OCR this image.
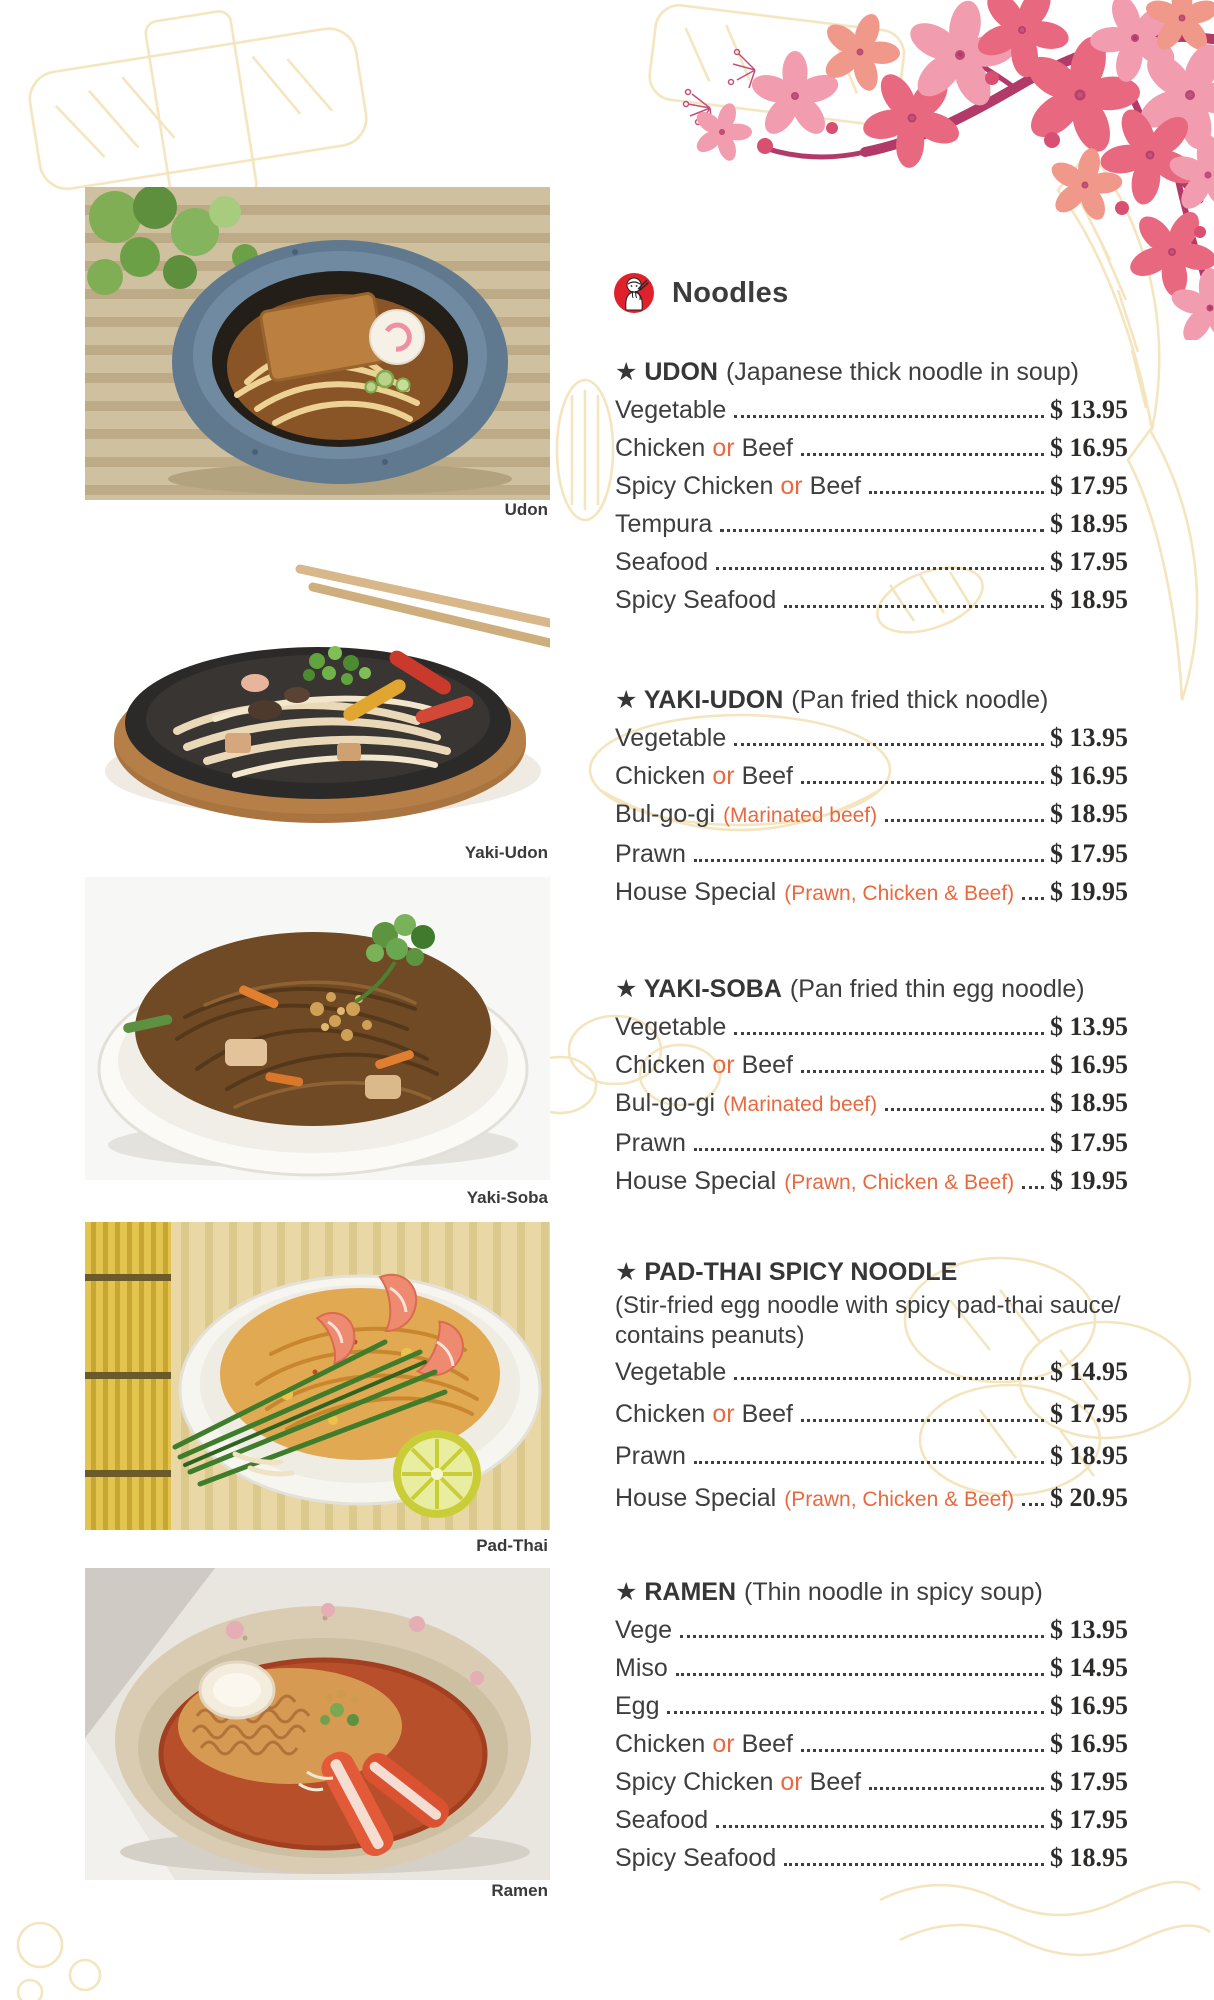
Udon
Yaki-Udon
Yaki-Soba
Pad-Thai
Ramen
Noodles
★ UDON (Japanese thick noodle in soup)
Vegetable	$ 13.95
Chicken or Beef	$ 16.95
Spicy Chicken or Beef	$ 17.95
Tempura	$ 18.95
Seafood	$ 17.95
Spicy Seafood	$ 18.95
★ YAKI-UDON (Pan fried thick noodle)
Vegetable	$ 13.95
Chicken or Beef	$ 16.95
Bul-go-gi (Marinated beef)	$ 18.95
Prawn	$ 17.95
House Special (Prawn, Chicken & Beef) $ 19.95
★ YAKI-SOBA (Pan fried thin egg noodle)
Vegetable	$ 13.95
Chicken or Beef	$ 16.95
Bul-go-gi (Marinated beef)	$ 18.95
Prawn	$ 17.95
House Special (Prawn, Chicken & Beef) $ 19.95
★ PAD-THAI SPICY NOODLE
(Stir-fried egg noodle with spicy pad-thai sauce/
contains peanuts)
Vegetable	$ 14.95
Chicken or Beef	$ 17.95
Prawn	$ 18.95
House Special (Prawn, Chicken & Beef) $ 20.95
★ RAMEN (Thin noodle in spicy soup)
Vege	$ 13.95
Miso	$ 14.95
Egg	$ 16.95
Chicken or Beef	$ 16.95
Spicy Chicken or Beef	$ 17.95
Seafood	$ 17.95
Spicy Seafood	$ 18.95
